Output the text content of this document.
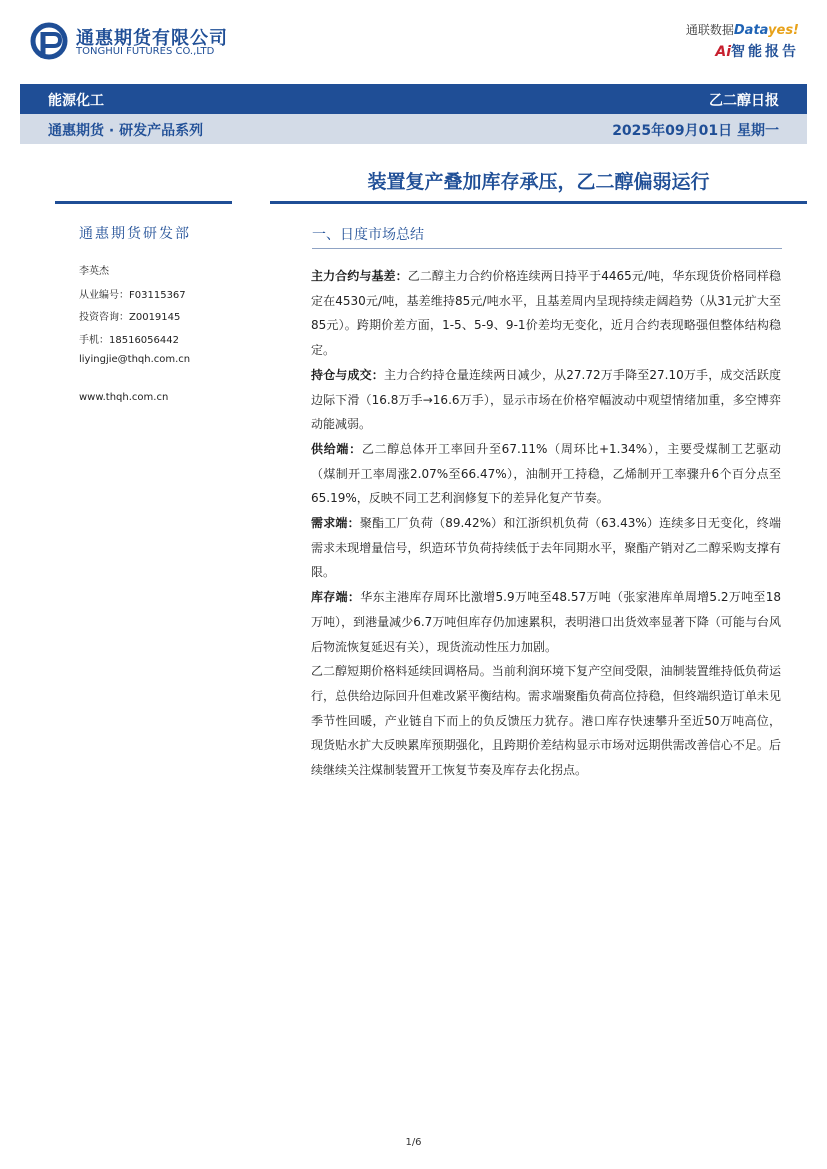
通惠期货有限公司
TONGHUI FUTURES CO.,LTD
通联数据Datayes!
Ai智能报告
能源化工	乙二醇日报
通惠期货 · 研发产品系列	2025年09月01日 星期一
装置复产叠加库存承压，乙二醇偏弱运行
通惠期货研发部
李英杰
从业编号：F03115367
投资咨询：Z0019145
手机：18516056442
liyingjie@thqh.com.cn
www.thqh.com.cn
一、日度市场总结

主力合约与基差：乙二醇主力合约价格连续两日持平于4465元/吨，华东现货价格同样稳定在4530元/吨，基差维持85元/吨水平，且基差周内呈现持续走阔趋势（从31元扩大至85元）。跨期价差方面，1-5、5-9、9-1价差均无变化，近月合约表现略强但整体结构稳定。

持仓与成交：主力合约持仓量连续两日减少，从27.72万手降至27.10万手，成交活跃度边际下滑（16.8万手→16.6万手），显示市场在价格窄幅波动中观望情绪加重，多空博弈动能减弱。

供给端：乙二醇总体开工率回升至67.11%（周环比+1.34%），主要受煤制工艺驱动（煤制开工率周涨2.07%至66.47%），油制开工持稳，乙烯制开工率骤升6个百分点至65.19%，反映不同工艺利润修复下的差异化复产节奏。

需求端：聚酯工厂负荷（89.42%）和江浙织机负荷（63.43%）连续多日无变化，终端需求未现增量信号，织造环节负荷持续低于去年同期水平，聚酯产销对乙二醇采购支撑有限。

库存端：华东主港库存周环比激增5.9万吨至48.57万吨（张家港库单周增5.2万吨至18万吨），到港量减少6.7万吨但库存仍加速累积，表明港口出货效率显著下降（可能与台风后物流恢复延迟有关），现货流动性压力加剧。

乙二醇短期价格料延续回调格局。当前利润环境下复产空间受限，油制装置维持低负荷运行，总供给边际回升但难改紧平衡结构。需求端聚酯负荷高位持稳，但终端织造订单未见季节性回暖，产业链自下而上的负反馈压力犹存。港口库存快速攀升至近50万吨高位，现货贴水扩大反映累库预期强化，且跨期价差结构显示市场对远期供需改善信心不足。后续继续关注煤制装置开工恢复节奏及库存去化拐点。

1/6
